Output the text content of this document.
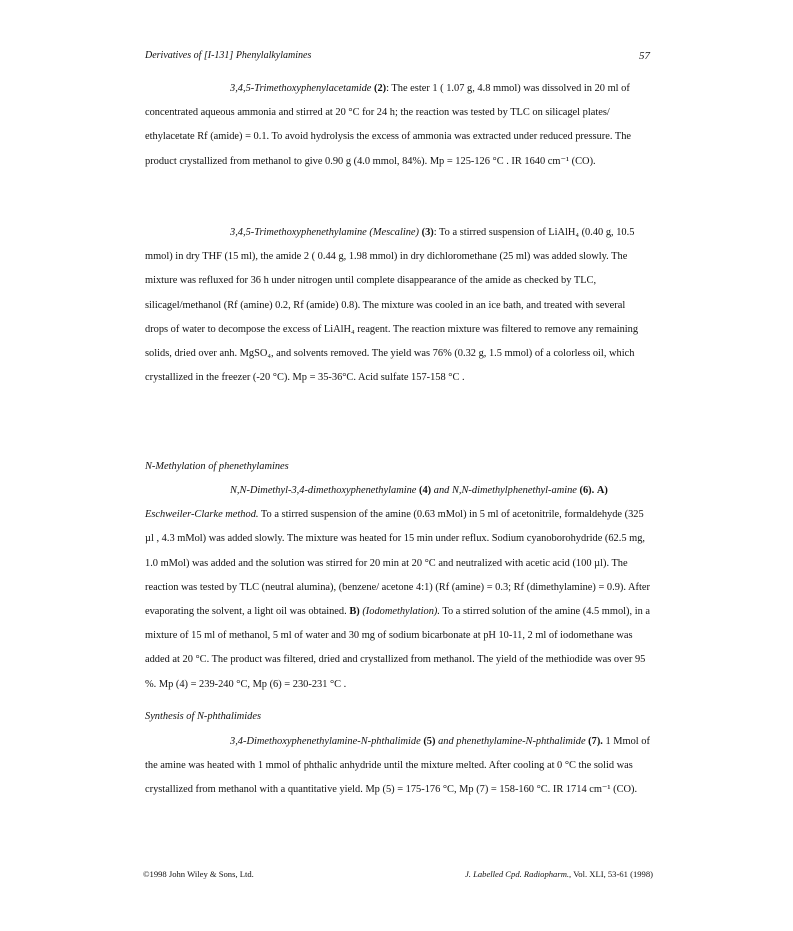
Derivatives of [I-131] Phenylalkylamines	57

3,4,5-Trimethoxyphenylacetamide (2): The ester 1 ( 1.07 g, 4.8 mmol) was dissolved in 20 ml of concentrated aqueous ammonia and stirred at 20 °C for 24 h; the reaction was tested by TLC on silicagel plates/ ethylacetate Rf (amide) = 0.1. To avoid hydrolysis the excess of ammonia was extracted under reduced pressure. The product crystallized from methanol to give 0.90 g (4.0 mmol, 84%). Mp = 125-126 °C . IR 1640 cm⁻¹ (CO).

3,4,5-Trimethoxyphenethylamine (Mescaline) (3): To a stirred suspension of LiAlH₄ (0.40 g, 10.5 mmol) in dry THF (15 ml), the amide 2 ( 0.44 g, 1.98 mmol) in dry dichloromethane (25 ml) was added slowly. The mixture was refluxed for 36 h under nitrogen until complete disappearance of the amide as checked by TLC, silicagel/methanol (Rf (amine) 0.2, Rf (amide) 0.8). The mixture was cooled in an ice bath, and treated with several drops of water to decompose the excess of LiAlH₄ reagent. The reaction mixture was filtered to remove any remaining solids, dried over anh. MgSO₄, and solvents removed. The yield was 76% (0.32 g, 1.5 mmol) of a colorless oil, which crystallized in the freezer (-20 °C). Mp = 35-36°C. Acid sulfate 157-158 °C .

N-Methylation of phenethylamines

N,N-Dimethyl-3,4-dimethoxyphenethylamine (4) and N,N-dimethylphenethyl-amine (6). A) Eschweiler-Clarke method. To a stirred suspension of the amine (0.63 mMol) in 5 ml of acetonitrile, formaldehyde (325 µl , 4.3 mMol) was added slowly. The mixture was heated for 15 min under reflux. Sodium cyanoborohydride (62.5 mg, 1.0 mMol) was added and the solution was stirred for 20 min at 20 °C and neutralized with acetic acid (100 µl). The reaction was tested by TLC (neutral alumina), (benzene/ acetone 4:1) (Rf (amine) = 0.3; Rf (dimethylamine) = 0.9). After evaporating the solvent, a light oil was obtained. B) (Iodomethylation). To a stirred solution of the amine (4.5 mmol), in a mixture of 15 ml of methanol, 5 ml of water and 30 mg of sodium bicarbonate at pH 10-11, 2 ml of iodomethane was added at 20 °C. The product was filtered, dried and crystallized from methanol. The yield of the methiodide was over 95 %. Mp (4) = 239-240 °C, Mp (6) = 230-231 °C .

Synthesis of N-phthalimides

3,4-Dimethoxyphenethylamine-N-phthalimide (5) and phenethylamine-N-phthalimide (7). 1 Mmol of the amine was heated with 1 mmol of phthalic anhydride until the mixture melted. After cooling at 0 °C the solid was crystallized from methanol with a quantitative yield. Mp (5) = 175-176 °C, Mp (7) = 158-160 °C. IR 1714 cm⁻¹ (CO).

©1998 John Wiley & Sons, Ltd.	J. Labelled Cpd. Radiopharm., Vol. XLI, 53-61 (1998)
